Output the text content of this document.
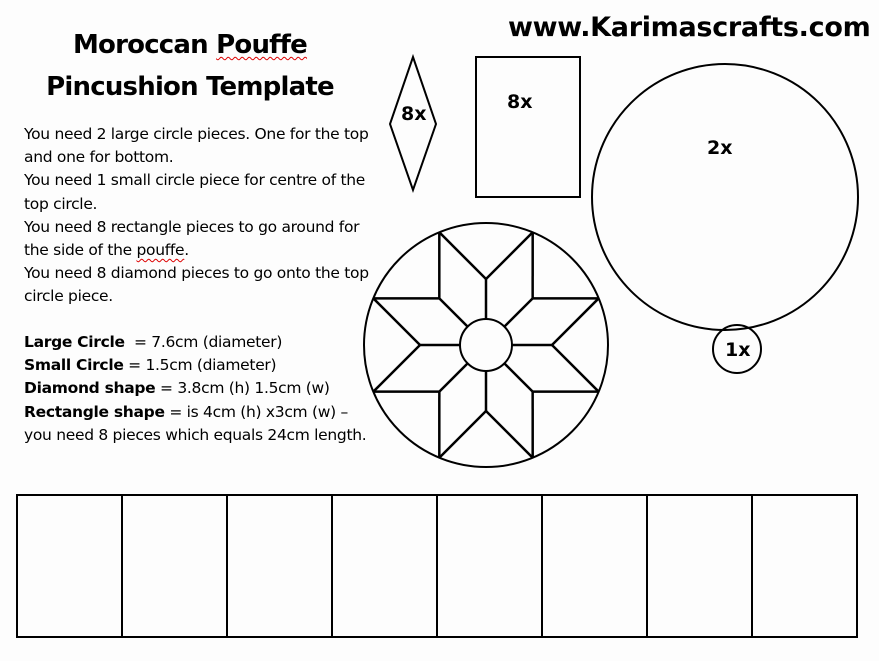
Moroccan Pouffe
Pincushion Template
www.Karimascrafts.com
You need 2 large circle pieces. One for the top and one for bottom.
You need 1 small circle piece for centre of the top circle.
You need 8 rectangle pieces to go around for the side of the pouffe.
You need 8 diamond pieces to go onto the top circle piece.
Large Circle  = 7.6cm (diameter)
Small Circle = 1.5cm (diameter)
Diamond shape = 3.8cm (h) 1.5cm (w)
Rectangle shape = is 4cm (h) x3cm (w) – you need 8 pieces which equals 24cm length.
8x
8x
2x
1x
